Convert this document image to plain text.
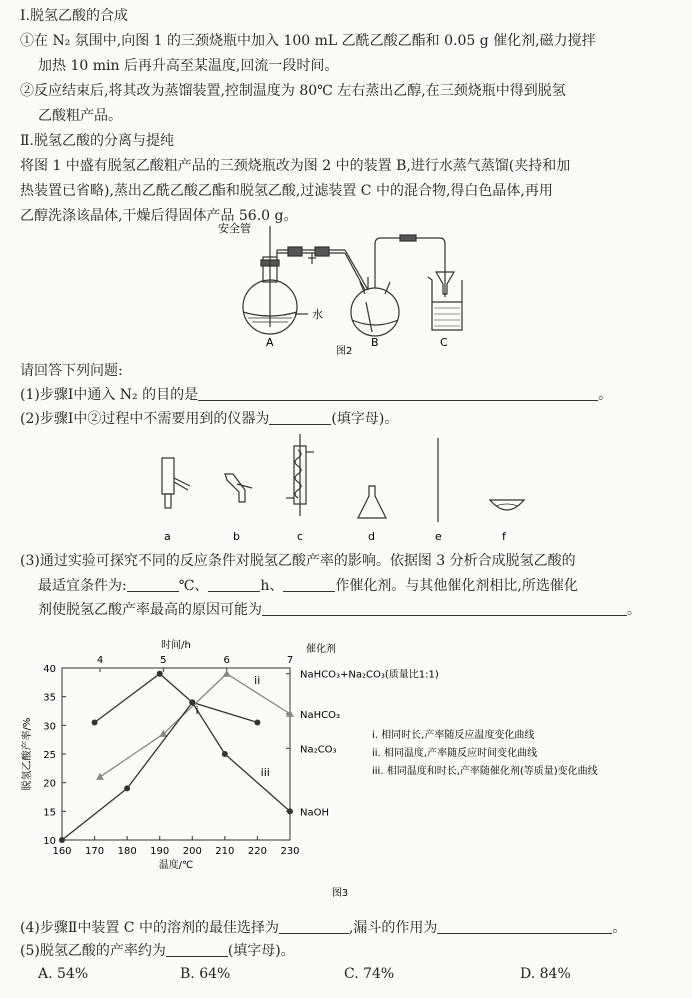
Ⅰ.脱氢乙酸的合成
①在 N₂ 氛围中,向图 1 的三颈烧瓶中加入 100 mL 乙酰乙酸乙酯和 0.05 g 催化剂,磁力搅拌
加热 10 min 后再升高至某温度,回流一段时间。
②反应结束后,将其改为蒸馏装置,控制温度为 80℃ 左右蒸出乙醇,在三颈烧瓶中得到脱氢
乙酸粗产品。
Ⅱ.脱氢乙酸的分离与提纯
将图 1 中盛有脱氢乙酸粗产品的三颈烧瓶改为图 2 中的装置 B,进行水蒸气蒸馏(夹持和加
热装置已省略),蒸出乙酰乙酸乙酯和脱氢乙酸,过滤装置 C 中的混合物,得白色晶体,再用
乙醇洗涤该晶体,干燥后得固体产品 56.0 g。
安全管
水
A	B	C
图2
请回答下列问题:
(1)步骤Ⅰ中通入 N₂ 的目的是	。
(2)步骤Ⅰ中②过程中不需要用到的仪器为	(填字母)。
a	b	c	d	e	f
(3)通过实验可探究不同的反应条件对脱氢乙酸产率的影响。依据图 3 分析合成脱氢乙酸的
最适宜条件为:	℃、	h、	作催化剂。与其他催化剂相比,所选催化
剂使脱氢乙酸产率最高的原因可能为	。
10
15
20
25
30
35
40
160 170 180 190 200 210 220 230
4	5	6	7
温度/℃
时间/h
脱氢乙酸产率/%
催化剂
NaHCO₃+Na₂CO₃(质量比1:1)
NaHCO₃
Na₂CO₃
NaOH
i
ii
iii
i. 相同时长,产率随反应温度变化曲线
ii. 相同温度,产率随反应时间变化曲线
iii. 相同温度和时长,产率随催化剂(等质量)变化曲线
图3
(4)步骤Ⅱ中装置 C 中的溶剂的最佳选择为	,漏斗的作用为	。
(5)脱氢乙酸的产率约为	(填字母)。
A. 54%	B. 64%	C. 74%	D. 84%
